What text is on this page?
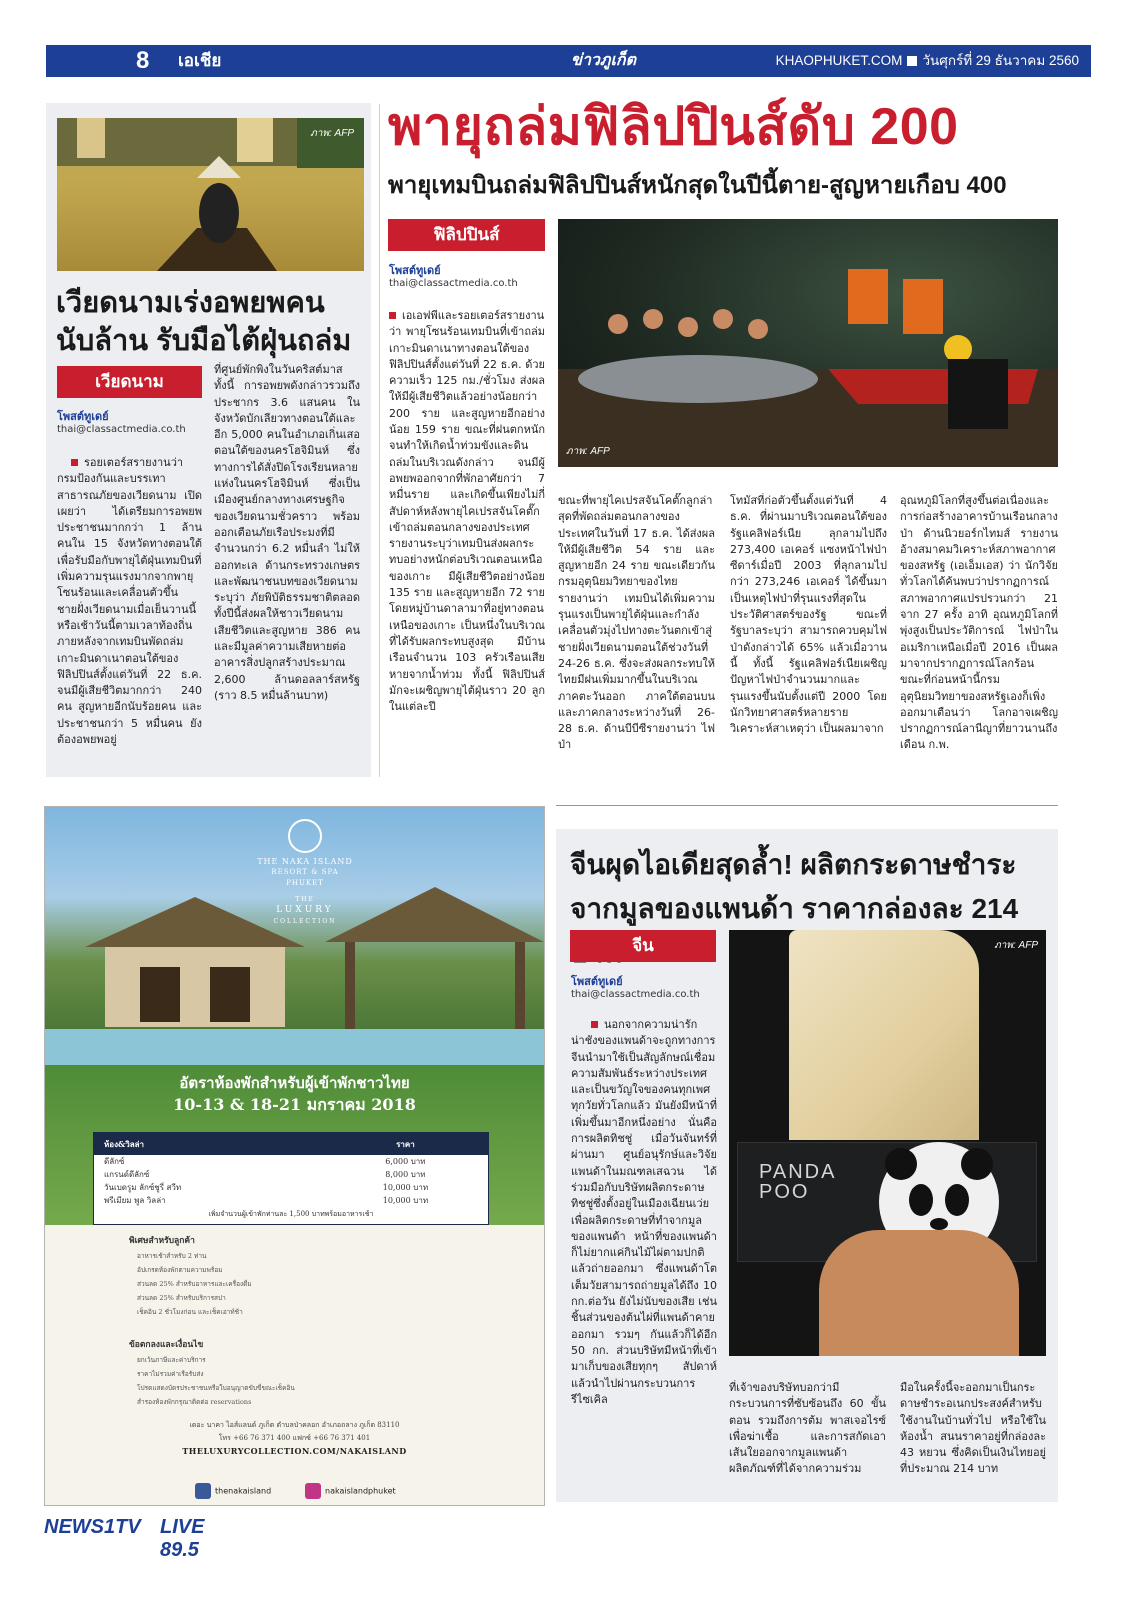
8 เอเชีย	ข่าวภูเก็ต	KHAOPHUKET.COM วันศุกร์ที่ 29 ธันวาคม 2560
ภาพ: AFP
เวียดนามเร่งอพยพคน นับล้าน รับมือไต้ฝุ่นถล่ม
เวียดนาม
โพสต์ทูเดย์
thai@classactmedia.co.th
รอยเตอร์สรายงานว่า กรมป้องกันและบรรเทาสาธารณภัยของเวียดนาม เปิดเผยว่า ได้เตรียมการอพยพประชาชนมากกว่า 1 ล้านคนใน 15 จังหวัดทางตอนใต้ เพื่อรับมือกับพายุไต้ฝุ่นเทมบินที่เพิ่มความรุนแรงมากจากพายุโซนร้อนและเคลื่อนตัวขึ้นชายฝั่งเวียดนามเมื่อเย็นวานนี้ หรือเช้าวันนี้ตามเวลาท้องถิ่น ภายหลังจากเทมบินพัดถล่มเกาะมินดาเนาตอนใต้ของฟิลิปปินส์ตั้งแต่วันที่ 22 ธ.ค. จนมีผู้เสียชีวิตมากกว่า 240 คน สูญหายอีกนับร้อยคน และประชาชนกว่า 5 หมื่นคน ยังต้องอพยพอยู่
ที่ศูนย์พักพิงในวันคริสต์มาส ทั้งนี้ การอพยพดังกล่าวรวมถึงประชากร 3.6 แสนคน ในจังหวัดบักเลียวทางตอนใต้และอีก 5,000 คนในอำเภอเกิ่นเสอ ตอนใต้ของนครโฮจิมินห์ ซึ่งทางการได้สั่งปิดโรงเรียนหลายแห่งในนครโฮจิมินห์ ซึ่งเป็นเมืองศูนย์กลางทางเศรษฐกิจของเวียดนามชั่วคราว พร้อมออกเตือนภัยเรือประมงที่มีจำนวนกว่า 6.2 หมื่นลำ ไม่ให้ออกทะเล ด้านกระทรวงเกษตรและพัฒนาชนบทของเวียดนามระบุว่า ภัยพิบัติธรรมชาติตลอดทั้งปีนี้ส่งผลให้ชาวเวียดนามเสียชีวิตและสูญหาย 386 คน และมีมูลค่าความเสียหายต่ออาคารสิ่งปลูกสร้างประมาณ 2,600 ล้านดอลลาร์สหรัฐ (ราว 8.5 หมื่นล้านบาท)
พายุถล่มฟิลิปปินส์ดับ 200
พายุเทมบินถล่มฟิลิปปินส์หนักสุดในปีนี้ตาย-สูญหายเกือบ 400
ฟิลิปปินส์
โพสต์ทูเดย์
thai@classactmedia.co.th
ภาพ: AFP
เอเอฟพีและรอยเตอร์สรายงานว่า พายุโซนร้อนเทมบินที่เข้าถล่มเกาะมินดาเนาทางตอนใต้ของฟิลิปปินส์ตั้งแต่วันที่ 22 ธ.ค. ด้วยความเร็ว 125 กม./ชั่วโมง ส่งผลให้มีผู้เสียชีวิตแล้วอย่างน้อยกว่า 200 ราย และสูญหายอีกอย่างน้อย 159 ราย ขณะที่ฝนตกหนักจนทำให้เกิดน้ำท่วมขังและดินถล่มในบริเวณดังกล่าว จนมีผู้อพยพออกจากที่พักอาศัยกว่า 7 หมื่นราย และเกิดขึ้นเพียงไม่กี่สัปดาห์หลังพายุไคเปรสจันโคตั๊กเข้าถล่มตอนกลางของประเทศ รายงานระบุว่าเทมบินส่งผลกระทบอย่างหนักต่อบริเวณตอนเหนือของเกาะ มีผู้เสียชีวิตอย่างน้อย 135 ราย และสูญหายอีก 72 ราย โดยหมู่บ้านดาลามาที่อยู่ทางตอนเหนือของเกาะ เป็นหนึ่งในบริเวณที่ได้รับผลกระทบสูงสุด มีบ้านเรือนจำนวน 103 ครัวเรือนเสียหายจากน้ำท่วม ทั้งนี้ ฟิลิปปินส์มักจะเผชิญพายุไต้ฝุ่นราว 20 ลูกในแต่ละปี
ขณะที่พายุไคเปรสจันโคตั๊กลูกล่าสุดที่พัดถล่มตอนกลางของประเทศในวันที่ 17 ธ.ค. ได้ส่งผลให้มีผู้เสียชีวิต 54 ราย และสูญหายอีก 24 ราย ขณะเดียวกันกรมอุตุนิยมวิทยาของไทย รายงานว่า เทมบินได้เพิ่มความรุนแรงเป็นพายุไต้ฝุ่นและกำลังเคลื่อนตัวมุ่งไปทางตะวันตกเข้าสู่ชายฝั่งเวียดนามตอนใต้ช่วงวันที่ 24-26 ธ.ค. ซึ่งจะส่งผลกระทบให้ไทยมีฝนเพิ่มมากขึ้นในบริเวณภาคตะวันออก ภาคใต้ตอนบน และภาคกลางระหว่างวันที่ 26-28 ธ.ค. ด้านบีบีซีรายงานว่า ไฟป่า
โทมัสที่ก่อตัวขึ้นตั้งแต่วันที่ 4 ธ.ค. ที่ผ่านมาบริเวณตอนใต้ของรัฐแคลิฟอร์เนีย ลุกลามไปถึง 273,400 เอเคอร์ แซงหน้าไฟป่าซีดาร์เมื่อปี 2003 ที่ลุกลามไปกว่า 273,246 เอเคอร์ ได้ขึ้นมาเป็นเหตุไฟป่าที่รุนแรงที่สุดในประวัติศาสตร์ของรัฐ ขณะที่รัฐบาลระบุว่า สามารถควบคุมไฟป่าดังกล่าวได้ 65% แล้วเมื่อวานนี้ ทั้งนี้ รัฐแคลิฟอร์เนียเผชิญปัญหาไฟป่าจำนวนมากและรุนแรงขึ้นนับตั้งแต่ปี 2000 โดยนักวิทยาศาสตร์หลายรายวิเคราะห์สาเหตุว่า เป็นผลมาจาก
อุณหภูมิโลกที่สูงขึ้นต่อเนื่องและการก่อสร้างอาคารบ้านเรือนกลางป่า ด้านนิวยอร์กไทมส์ รายงานอ้างสมาคมวิเคราะห์สภาพอากาศของสหรัฐ (เอเอ็มเอส) ว่า นักวิจัยทั่วโลกได้ค้นพบว่าปรากฏการณ์สภาพอากาศแปรปรวนกว่า 21 จาก 27 ครั้ง อาทิ อุณหภูมิโลกที่พุ่งสูงเป็นประวัติการณ์ ไฟป่าในอเมริกาเหนือเมื่อปี 2016 เป็นผลมาจากปรากฏการณ์โลกร้อน ขณะที่ก่อนหน้านี้กรมอุตุนิยมวิทยาของสหรัฐเองก็เพิ่งออกมาเตือนว่า โลกอาจเผชิญปรากฏการณ์ลานีญาที่ยาวนานถึงเดือน ก.พ.
THE NAKA ISLAND
RESORT & SPA
PHUKET
THE
LUXURY
COLLECTION
อัตราห้องพักสำหรับผู้เข้าพักชาวไทย
10-13 & 18-21 มกราคม 2018
ห้อง&วิลล่า	ราคา
ดีลักซ์	6,000 บาท
แกรนด์ดีลักซ์	8,000 บาท
วันเบดรูม ลักซ์ชูรี่ สวีท	10,000 บาท
พรีเมียม พูล วิลล่า	10,000 บาท
เพิ่มจำนวนผู้เข้าพักท่านละ 1,500 บาทพร้อมอาหารเช้า
พิเศษสำหรับลูกค้า
อาหารเช้าสำหรับ 2 ท่าน
อัปเกรดห้องพักตามความพร้อม
ส่วนลด 25% สำหรับอาหารและเครื่องดื่ม
ส่วนลด 25% สำหรับบริการสปา
เช็คอิน 2 ชั่วโมงก่อน และเช็คเอาท์ช้า
ข้อตกลงและเงื่อนไข
ยกเว้นภาษีและค่าบริการ
ราคาไม่รวมค่าเรือรับส่ง
โปรดแสดงบัตรประชาชนหรือใบอนุญาตขับขี่ขณะเช็คอิน
สำรองห้องพักกรุณาติดต่อ reservations
เดอะ นาคา ไอส์แลนด์ ภูเก็ต ตำบลป่าคลอก อำเภอถลาง ภูเก็ต 83110
โทร +66 76 371 400 แฟกซ์ +66 76 371 401
THELUXURYCOLLECTION.COM/NAKAISLAND
thenakaisland	nakaislandphuket
จีนผุดไอเดียสุดล้ำ! ผลิตกระดาษชำระจากมูลของแพนด้า ราคากล่องละ 214
จีน
โพสต์ทูเดย์
thai@classactmedia.co.th
PANDA
POO
ภาพ: AFP
นอกจากความน่ารักน่าชังของแพนด้าจะถูกทางการจีนนำมาใช้เป็นสัญลักษณ์เชื่อมความสัมพันธ์ระหว่างประเทศและเป็นขวัญใจของคนทุกเพศทุกวัยทั่วโลกแล้ว มันยังมีหน้าที่เพิ่มขึ้นมาอีกหนึ่งอย่าง นั่นคือการผลิตทิชชู่ เมื่อวันจันทร์ที่ผ่านมา ศูนย์อนุรักษ์และวิจัยแพนด้าในมณฑลเสฉวน ได้ร่วมมือกับบริษัทผลิตกระดาษทิชชู่ซึ่งตั้งอยู่ในเมืองเฉียนเว่ย เพื่อผลิตกระดาษที่ทำจากมูลของแพนด้า หน้าที่ของแพนด้าก็ไม่ยากแค่กินไม้ไผ่ตามปกติแล้วถ่ายออกมา ซึ่งแพนด้าโตเต็มวัยสามารถถ่ายมูลได้ถึง 10 กก.ต่อวัน ยังไม่นับของเสีย เช่น ชิ้นส่วนของต้นไผ่ที่แพนด้าคายออกมา รวมๆ กันแล้วก็ได้อีก 50 กก. ส่วนบริษัทมีหน้าที่เข้ามาเก็บของเสียทุกๆ สัปดาห์ แล้วนำไปผ่านกระบวนการรีไซเคิล
ที่เจ้าของบริษัทบอกว่ามีกระบวนการที่ซับซ้อนถึง 60 ขั้นตอน รวมถึงการต้ม พาสเจอไรซ์เพื่อฆ่าเชื้อ และการสกัดเอาเส้นใยออกจากมูลแพนด้า ผลิตภัณฑ์ที่ได้จากความร่วม
มือในครั้งนี้จะออกมาเป็นกระดาษชำระอเนกประสงค์สำหรับใช้งานในบ้านทั่วไป หรือใช้ในห้องน้ำ สนนราคาอยู่ที่กล่องละ 43 หยวน ซึ่งคิดเป็นเงินไทยอยู่ที่ประมาณ 214 บาท
NEWS1TV LIVE 89.5
